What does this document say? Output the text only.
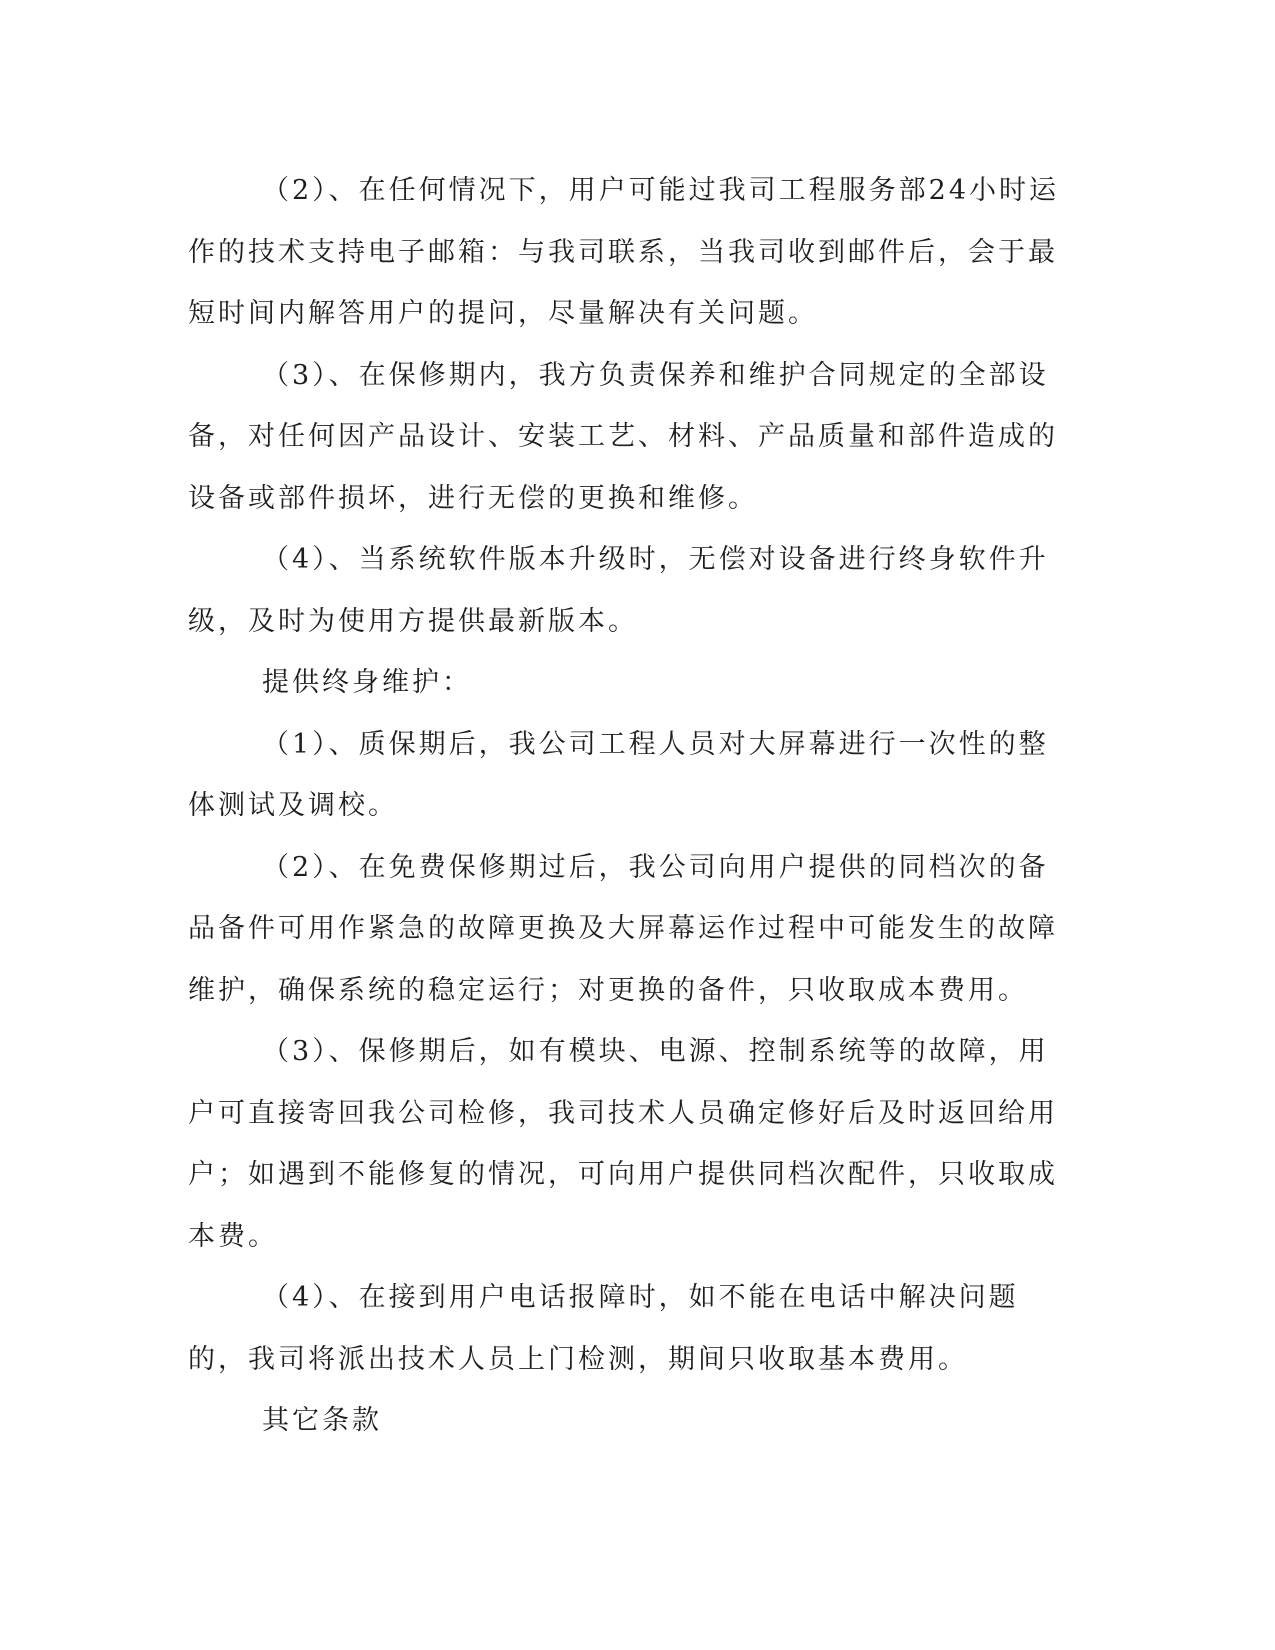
（2）、在任何情况下，用户可能过我司工程服务部24小时运作的技术支持电子邮箱：与我司联系，当我司收到邮件后，会于最短时间内解答用户的提问，尽量解决有关问题。

（3）、在保修期内，我方负责保养和维护合同规定的全部设备，对任何因产品设计、安装工艺、材料、产品质量和部件造成的设备或部件损坏，进行无偿的更换和维修。

（4）、当系统软件版本升级时，无偿对设备进行终身软件升级，及时为使用方提供最新版本。

提供终身维护：

（1）、质保期后，我公司工程人员对大屏幕进行一次性的整体测试及调校。

（2）、在免费保修期过后，我公司向用户提供的同档次的备品备件可用作紧急的故障更换及大屏幕运作过程中可能发生的故障维护，确保系统的稳定运行；对更换的备件，只收取成本费用。

（3）、保修期后，如有模块、电源、控制系统等的故障，用户可直接寄回我公司检修，我司技术人员确定修好后及时返回给用户；如遇到不能修复的情况，可向用户提供同档次配件，只收取成本费。

（4）、在接到用户电话报障时，如不能在电话中解决问题的，我司将派出技术人员上门检测，期间只收取基本费用。

其它条款
